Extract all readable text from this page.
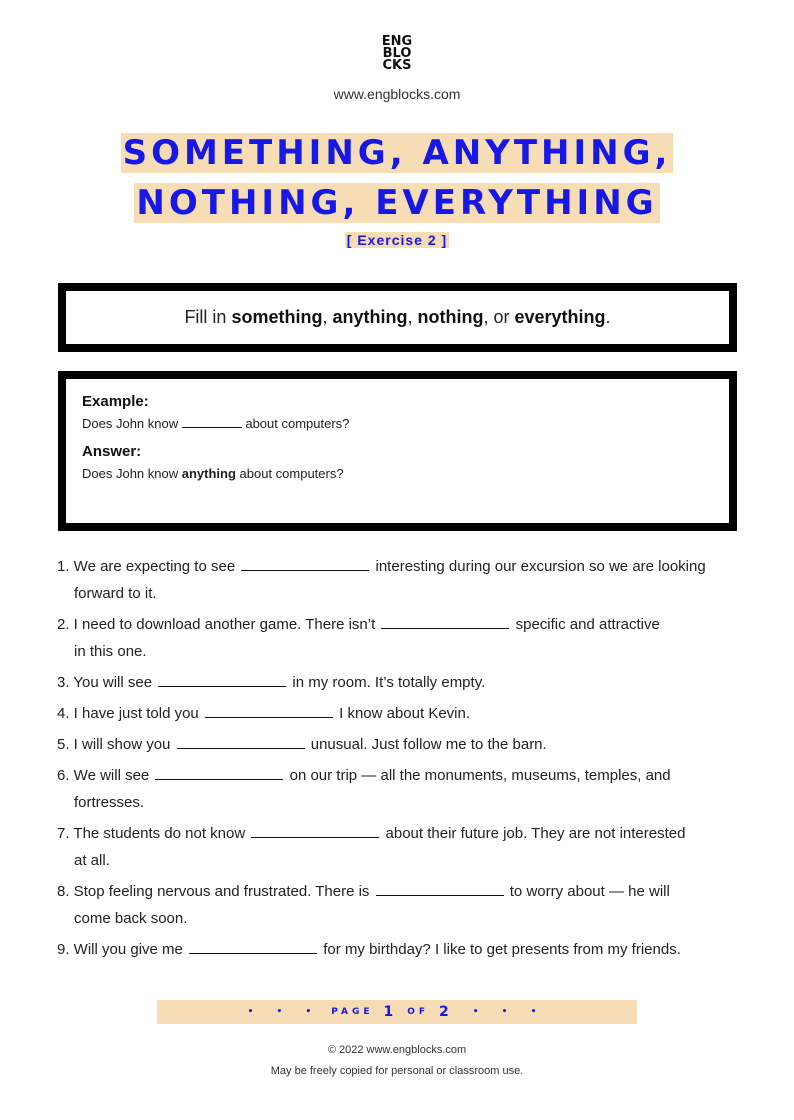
ENG
BLO
CKS
www.engblocks.com
SOMETHING, ANYTHING,
NOTHING, EVERYTHING
[ Exercise 2 ]
Fill in something, anything, nothing, or everything.
Example:
Does John know	about computers?
Answer:
Does John know anything about computers?
1. We are expecting to see	interesting during our excursion so we are looking
forward to it.
2. I need to download another game. There isn’t	specific and attractive
in this one.
3. You will see	in my room. It’s totally empty.
4. I have just told you	I know about Kevin.
5. I will show you	unusual. Just follow me to the barn.
6. We will see	on our trip — all the monuments, museums, temples, and
fortresses.
7. The students do not know	about their future job. They are not interested
at all.
8. Stop feeling nervous and frustrated. There is	to worry about — he will
come back soon.
9. Will you give me	for my birthday? I like to get presents from my friends.
• • • PAGE 1 OF 2 • • •
© 2022 www.engblocks.com
May be freely copied for personal or classroom use.
